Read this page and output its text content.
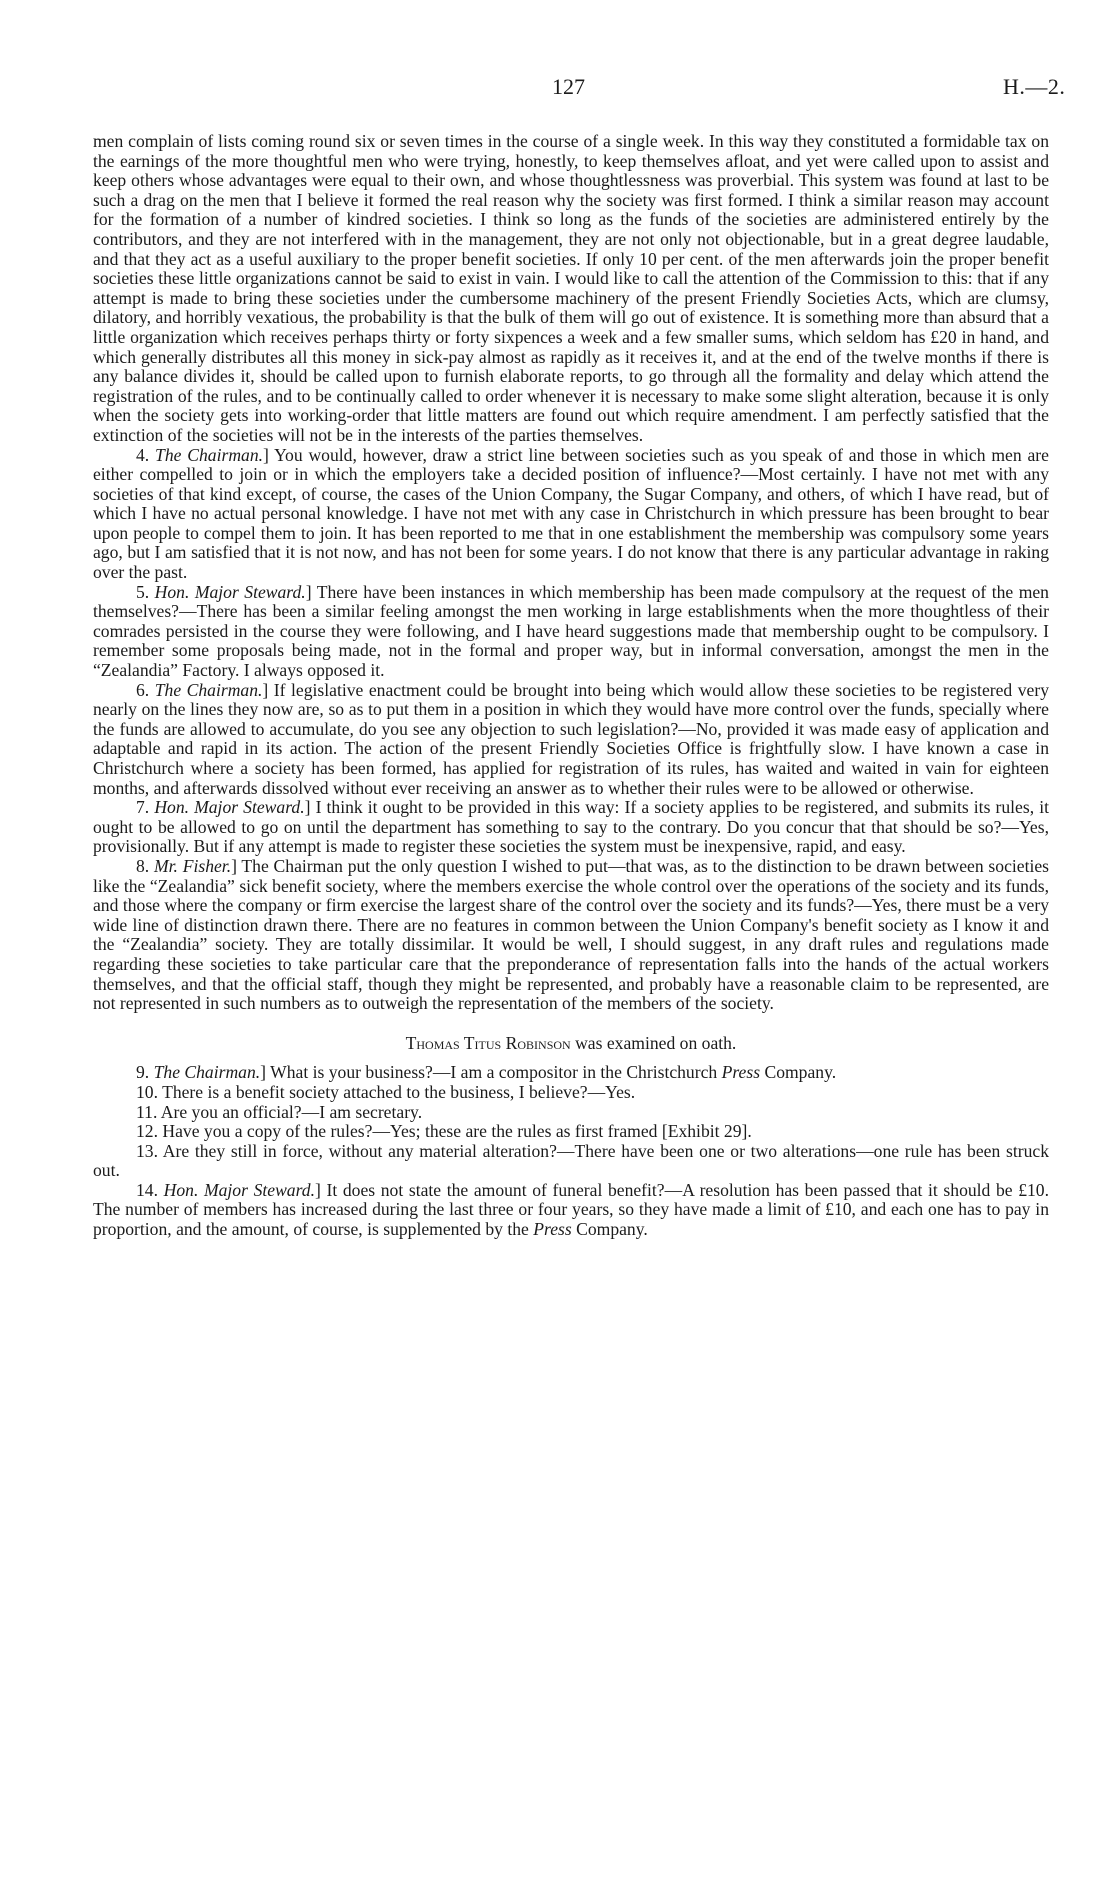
127	H.—2.

men complain of lists coming round six or seven times in the course of a single week. In this way they constituted a formidable tax on the earnings of the more thoughtful men who were trying, honestly, to keep themselves afloat, and yet were called upon to assist and keep others whose advantages were equal to their own, and whose thoughtlessness was proverbial. This system was found at last to be such a drag on the men that I believe it formed the real reason why the society was first formed. I think a similar reason may account for the formation of a number of kindred societies. I think so long as the funds of the societies are administered entirely by the contributors, and they are not interfered with in the management, they are not only not objectionable, but in a great degree laudable, and that they act as a useful auxiliary to the proper benefit societies. If only 10 per cent. of the men afterwards join the proper benefit societies these little organizations cannot be said to exist in vain. I would like to call the attention of the Commission to this: that if any attempt is made to bring these societies under the cumbersome machinery of the present Friendly Societies Acts, which are clumsy, dilatory, and horribly vexatious, the probability is that the bulk of them will go out of existence. It is something more than absurd that a little organization which receives perhaps thirty or forty sixpences a week and a few smaller sums, which seldom has £20 in hand, and which generally distributes all this money in sick-pay almost as rapidly as it receives it, and at the end of the twelve months if there is any balance divides it, should be called upon to furnish elaborate reports, to go through all the formality and delay which attend the registration of the rules, and to be continually called to order whenever it is necessary to make some slight alteration, because it is only when the society gets into working-order that little matters are found out which require amendment. I am perfectly satisfied that the extinction of the societies will not be in the interests of the parties themselves.

4. The Chairman.] You would, however, draw a strict line between societies such as you speak of and those in which men are either compelled to join or in which the employers take a decided position of influence?—Most certainly. I have not met with any societies of that kind except, of course, the cases of the Union Company, the Sugar Company, and others, of which I have read, but of which I have no actual personal knowledge. I have not met with any case in Christchurch in which pressure has been brought to bear upon people to compel them to join. It has been reported to me that in one establishment the membership was compulsory some years ago, but I am satisfied that it is not now, and has not been for some years. I do not know that there is any particular advantage in raking over the past.

5. Hon. Major Steward.] There have been instances in which membership has been made compulsory at the request of the men themselves?—There has been a similar feeling amongst the men working in large establishments when the more thoughtless of their comrades persisted in the course they were following, and I have heard suggestions made that membership ought to be compulsory. I remember some proposals being made, not in the formal and proper way, but in informal conversation, amongst the men in the “Zealandia” Factory. I always opposed it.

6. The Chairman.] If legislative enactment could be brought into being which would allow these societies to be registered very nearly on the lines they now are, so as to put them in a position in which they would have more control over the funds, specially where the funds are allowed to accumulate, do you see any objection to such legislation?—No, provided it was made easy of application and adaptable and rapid in its action. The action of the present Friendly Societies Office is frightfully slow. I have known a case in Christchurch where a society has been formed, has applied for registration of its rules, has waited and waited in vain for eighteen months, and afterwards dissolved without ever receiving an answer as to whether their rules were to be allowed or otherwise.

7. Hon. Major Steward.] I think it ought to be provided in this way: If a society applies to be registered, and submits its rules, it ought to be allowed to go on until the department has something to say to the contrary. Do you concur that that should be so?—Yes, provisionally. But if any attempt is made to register these societies the system must be inexpensive, rapid, and easy.

8. Mr. Fisher.] The Chairman put the only question I wished to put—that was, as to the distinction to be drawn between societies like the “Zealandia” sick benefit society, where the members exercise the whole control over the operations of the society and its funds, and those where the company or firm exercise the largest share of the control over the society and its funds?—Yes, there must be a very wide line of distinction drawn there. There are no features in common between the Union Company's benefit society as I know it and the “Zealandia” society. They are totally dissimilar. It would be well, I should suggest, in any draft rules and regulations made regarding these societies to take particular care that the preponderance of representation falls into the hands of the actual workers themselves, and that the official staff, though they might be represented, and probably have a reasonable claim to be represented, are not represented in such numbers as to outweigh the representation of the members of the society.

Thomas Titus Robinson was examined on oath.

9. The Chairman.] What is your business?—I am a compositor in the Christchurch Press Company.

10. There is a benefit society attached to the business, I believe?—Yes.

11. Are you an official?—I am secretary.

12. Have you a copy of the rules?—Yes; these are the rules as first framed [Exhibit 29].

13. Are they still in force, without any material alteration?—There have been one or two alterations—one rule has been struck out.

14. Hon. Major Steward.] It does not state the amount of funeral benefit?—A resolution has been passed that it should be £10. The number of members has increased during the last three or four years, so they have made a limit of £10, and each one has to pay in proportion, and the amount, of course, is supplemented by the Press Company.
